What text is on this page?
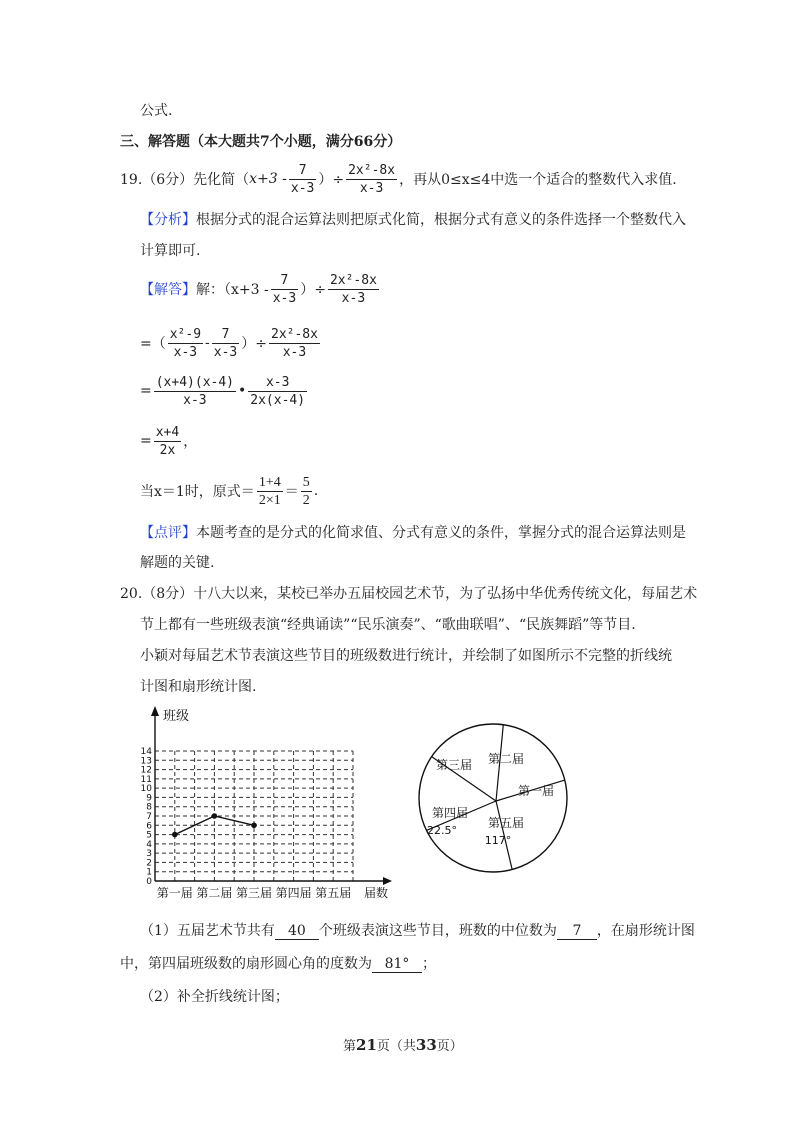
公式.
三、解答题（本大题共7个小题，满分66分）
19.（6分）先化简（ $x+3 - \frac{7}{x-3}$ ）÷ $\frac{\text{2x²-8x}}{x-3}$ ，再从0≤x≤4中选一个适合的整数代入求值.
【分析】根据分式的混合运算法则把原式化简，根据分式有意义的条件选择一个整数代入
计算即可.
【解答】 解：（$x+3 - \frac{7}{x-3}$ ）÷ $\frac{\text{2x²-8x}}{x-3}$
=（ $\frac{\text{x²-9}}{x-3} - \frac{7}{x-3}$ ）÷ $\frac{\text{2x²-8x}}{x-3}$
= $\frac{(x+4)(x-4)}{x-3}$ • $\frac{x-3}{2x(x-4)}$
= $\frac{x+4}{2x}$ ，
当x＝1时，原式＝ $\frac{1+4}{2\times 1} = \frac{5}{2}$ .
【点评】本题考查的是分式的化简求值、分式有意义的条件，掌握分式的混合运算法则是
解题的关键.
20.（8分）十八大以来，某校已举办五届校园艺术节，为了弘扬中华优秀传统文化，每届艺术
节上都有一些班级表演“经典诵读”“民乐演奏”、“歌曲联唱”、“民族舞蹈”等节目.
小颖对每届艺术节表演这些节目的班级数进行统计，并绘制了如图所示不完整的折线统
计图和扇形统计图.
班级
届数
0
1
2
3
4
5
6
7
8
9
10
11
12
13
14
第一届 第二届 第三届 第四届 第五届
第一届
第二届
第三届
第四届
第五届
22.5°
117°
（1）五届艺术节共有 40 个班级表演这些节目，班数的中位数为 7 ，在扇形统计图
中，第四届班级数的扇形圆心角的度数为 81° ；
（2）补全折线统计图；
第21页（共33页）
